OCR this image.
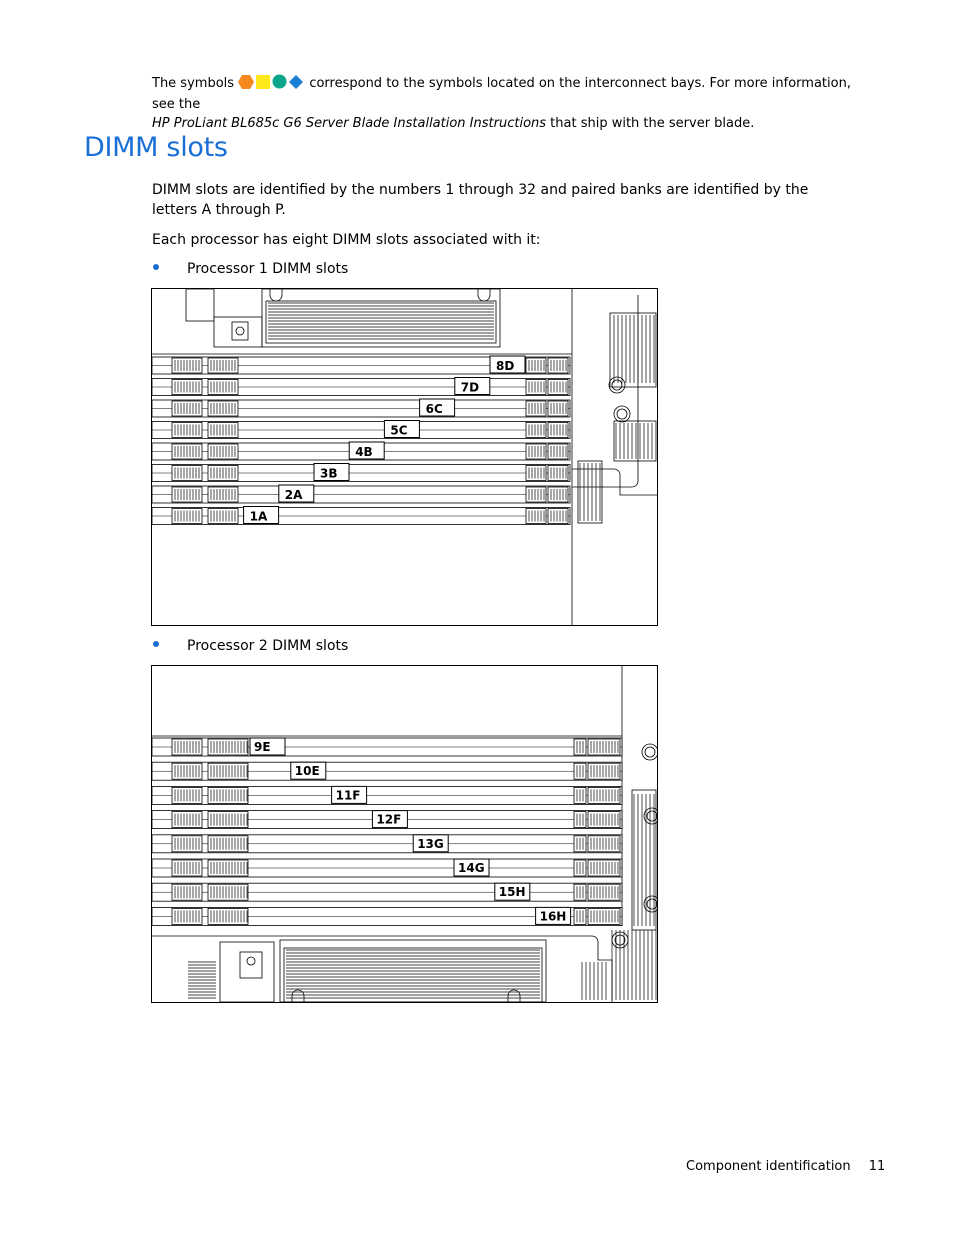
The symbols	correspond to the symbols located on the interconnect bays. For more information, see the
HP ProLiant BL685c G6 Server Blade Installation Instructions that ship with the server blade.
DIMM slots

DIMM slots are identified by the numbers 1 through 32 and paired banks are identified by the letters A through P.

Each processor has eight DIMM slots associated with it:

Processor 1 DIMM slots
8D
7D
6C
5C
4B
3B
2A
1A
Processor 2 DIMM slots
9E
10E
11F
12F
13G
14G
15H
16H
Component identification 11
